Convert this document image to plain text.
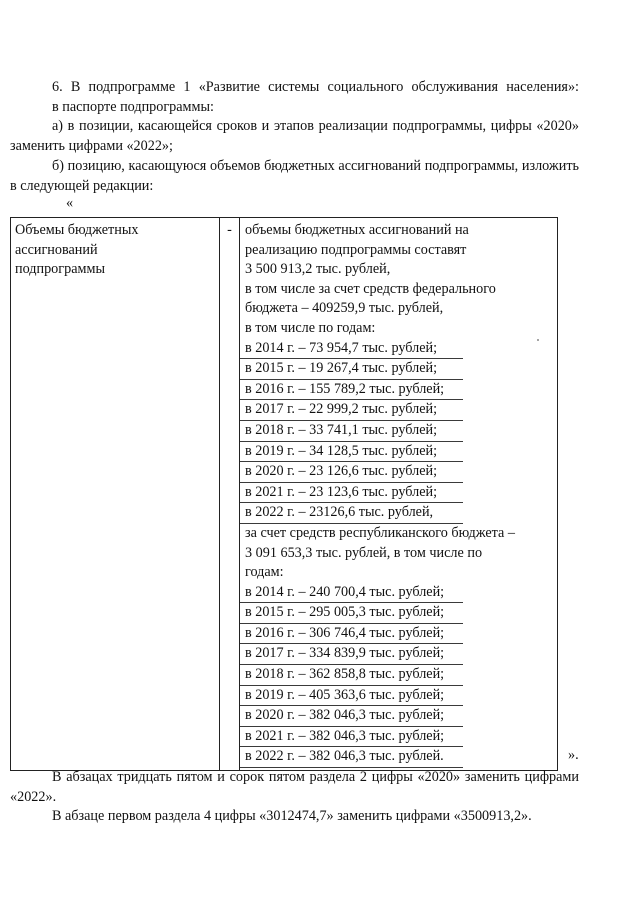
6. В подпрограмме 1 «Развитие системы социального обслуживания населения»:

в паспорте подпрограммы:

а) в позиции, касающейся сроков и этапов реализации подпрограммы, цифры «2020» заменить цифрами «2022»;

б) позицию, касающуюся объемов бюджетных ассигнований подпрограммы, изложить в следующей редакции:

«

Объемы бюджетных
ассигнований
подпрограммы
	-	объемы бюджетных ассигнований на
реализацию подпрограммы составят
3 500 913,2 тыс. рублей,
в том числе за счет средств федерального
бюджета – 409259,9 тыс. рублей,
в том числе по годам:
в 2014 г. – 73 954,7 тыс. рублей;
в 2015 г. – 19 267,4 тыс. рублей;
в 2016 г. – 155 789,2 тыс. рублей;
в 2017 г. – 22 999,2 тыс. рублей;
в 2018 г. – 33 741,1 тыс. рублей;
в 2019 г. – 34 128,5 тыс. рублей;
в 2020 г. – 23 126,6 тыс. рублей;
в 2021 г. – 23 123,6 тыс. рублей;
в 2022 г. – 23126,6 тыс. рублей,
за счет средств республиканского бюджета –
3 091 653,3 тыс. рублей, в том числе по
годам:
в 2014 г. – 240 700,4 тыс. рублей;
в 2015 г. – 295 005,3 тыс. рублей;
в 2016 г. – 306 746,4 тыс. рублей;
в 2017 г. – 334 839,9 тыс. рублей;
в 2018 г. – 362 858,8 тыс. рублей;
в 2019 г. – 405 363,6 тыс. рублей;
в 2020 г. – 382 046,3 тыс. рублей;
в 2021 г. – 382 046,3 тыс. рублей;
в 2022 г. – 382 046,3 тыс. рублей.	».

В абзацах тридцать пятом и сорок пятом раздела 2 цифры «2020» заменить цифрами «2022».

В абзаце первом раздела 4 цифры «3012474,7» заменить цифрами «3500913,2».
